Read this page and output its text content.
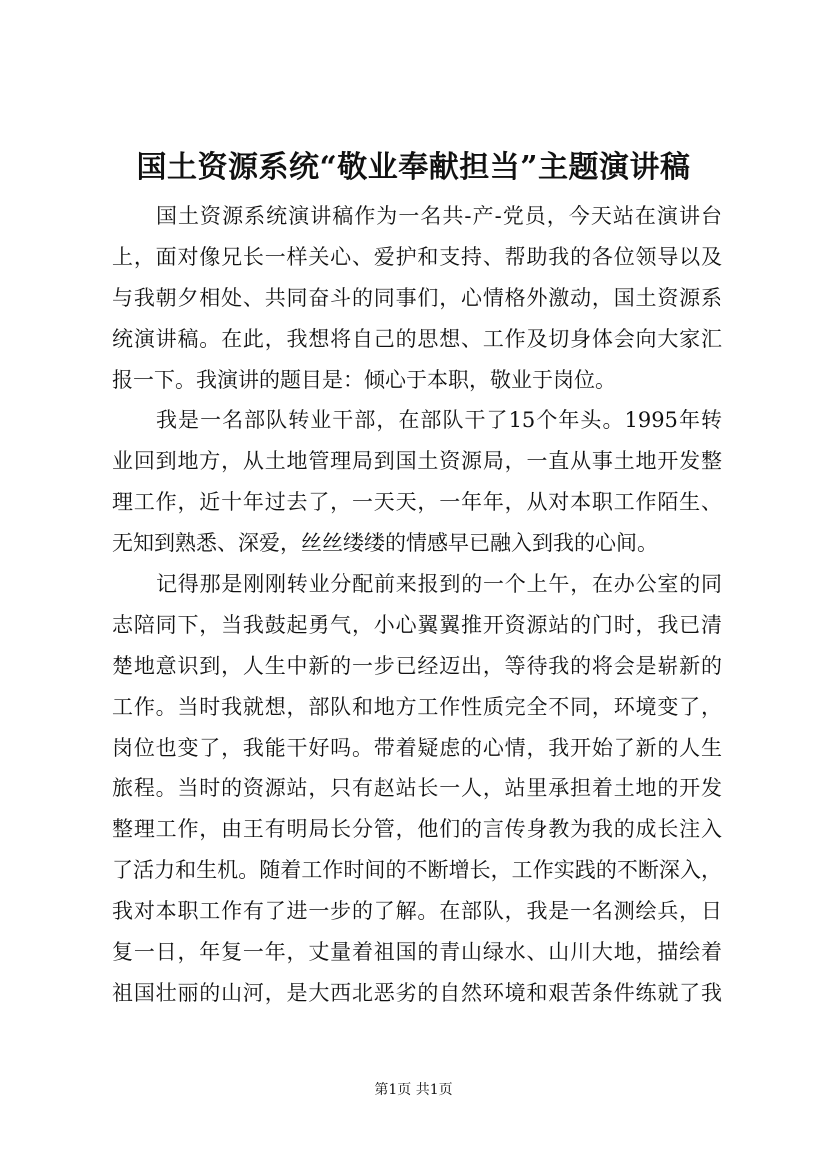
国土资源系统“敬业奉献担当”主题演讲稿
国土资源系统演讲稿作为一名共-产-党员，今天站在演讲台
上，面对像兄长一样关心、爱护和支持、帮助我的各位领导以及
与我朝夕相处、共同奋斗的同事们，心情格外激动，国土资源系
统演讲稿。在此，我想将自己的思想、工作及切身体会向大家汇
报一下。我演讲的题目是：倾心于本职，敬业于岗位。
我是一名部队转业干部，在部队干了15个年头。1995年转
业回到地方，从土地管理局到国土资源局，一直从事土地开发整
理工作，近十年过去了，一天天，一年年，从对本职工作陌生、
无知到熟悉、深爱，丝丝缕缕的情感早已融入到我的心间。
记得那是刚刚转业分配前来报到的一个上午，在办公室的同
志陪同下，当我鼓起勇气，小心翼翼推开资源站的门时，我已清
楚地意识到，人生中新的一步已经迈出，等待我的将会是崭新的
工作。当时我就想，部队和地方工作性质完全不同，环境变了，
岗位也变了，我能干好吗。带着疑虑的心情，我开始了新的人生
旅程。当时的资源站，只有赵站长一人，站里承担着土地的开发
整理工作，由王有明局长分管，他们的言传身教为我的成长注入
了活力和生机。随着工作时间的不断增长，工作实践的不断深入，
我对本职工作有了进一步的了解。在部队，我是一名测绘兵，日
复一日，年复一年，丈量着祖国的青山绿水、山川大地，描绘着
祖国壮丽的山河，是大西北恶劣的自然环境和艰苦条件练就了我
第1页 共1页
